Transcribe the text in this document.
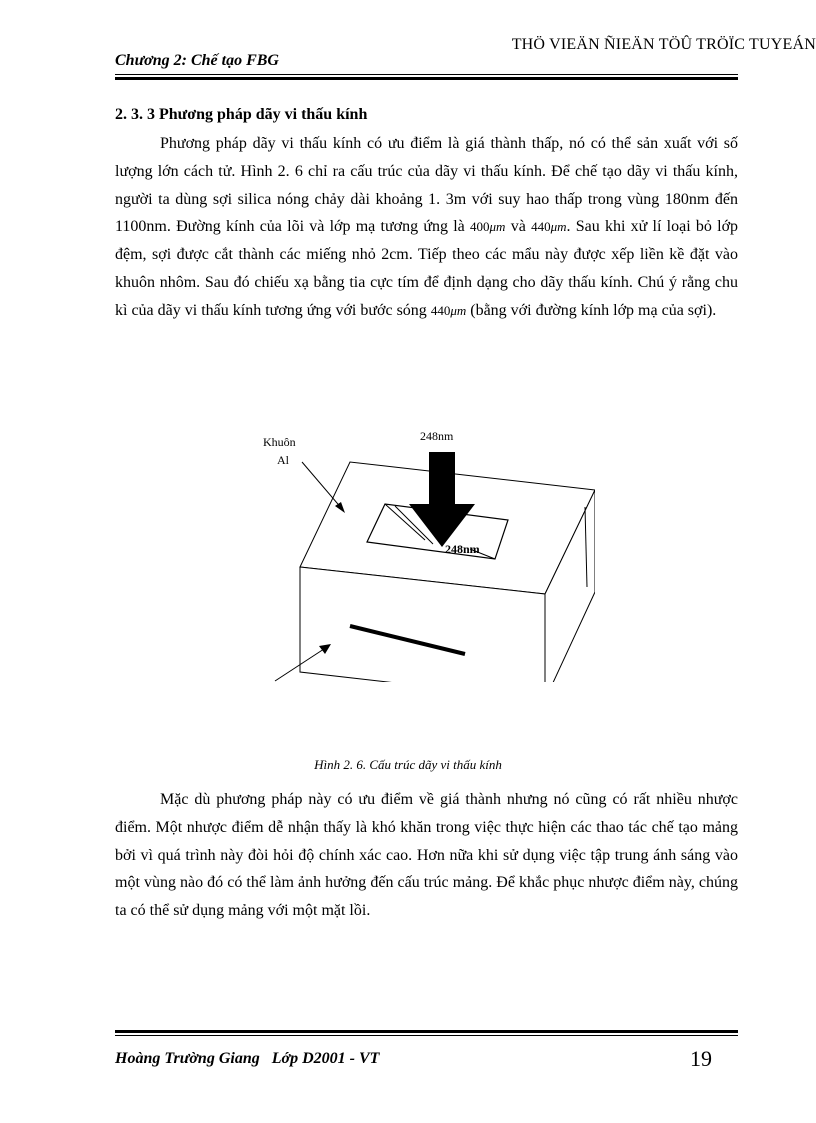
THÖ VIEÄN ÑIEÄN TÖÛ TRÖÏC TUYEÁN
Chương 2: Chế tạo FBG
2. 3. 3 Phương pháp dãy vi thấu kính

Phương pháp dãy vi thấu kính có ưu điểm là giá thành thấp, nó có thể sản xuất với số lượng lớn cách tử. Hình 2. 6 chỉ ra cấu trúc của dãy vi thấu kính. Để chế tạo dãy vi thấu kính, người ta dùng sợi silica nóng chảy dài khoảng 1. 3m với suy hao thấp trong vùng 180nm đến 1100nm. Đường kính của lõi và lớp mạ tương ứng là 400μm và 440μm. Sau khi xử lí loại bỏ lớp đệm, sợi được cắt thành các miếng nhỏ 2cm. Tiếp theo các mẩu này được xếp liền kề đặt vào khuôn nhôm. Sau đó chiếu xạ bằng tia cực tím để định dạng cho dãy thấu kính. Chú ý rằng chu kì của dãy vi thấu kính tương ứng với bước sóng 440μm (bằng với đường kính lớp mạ của sợi).

Khuôn
Al
248nm
248nm
Hình 2. 6. Cấu trúc dãy vi thấu kính

Mặc dù phương pháp này có ưu điểm về giá thành nhưng nó cũng có rất nhiều nhược điểm. Một nhược điểm dễ nhận thấy là khó khăn trong việc thực hiện các thao tác chế tạo mảng bởi vì quá trình này đòi hỏi độ chính xác cao. Hơn nữa khi sử dụng việc tập trung ánh sáng vào một vùng nào đó có thể làm ảnh hưởng đến cấu trúc mảng. Để khắc phục nhược điểm này, chúng ta có thể sử dụng mảng với một mặt lồi.

Hoàng Trường Giang   Lớp D2001 - VT	19
